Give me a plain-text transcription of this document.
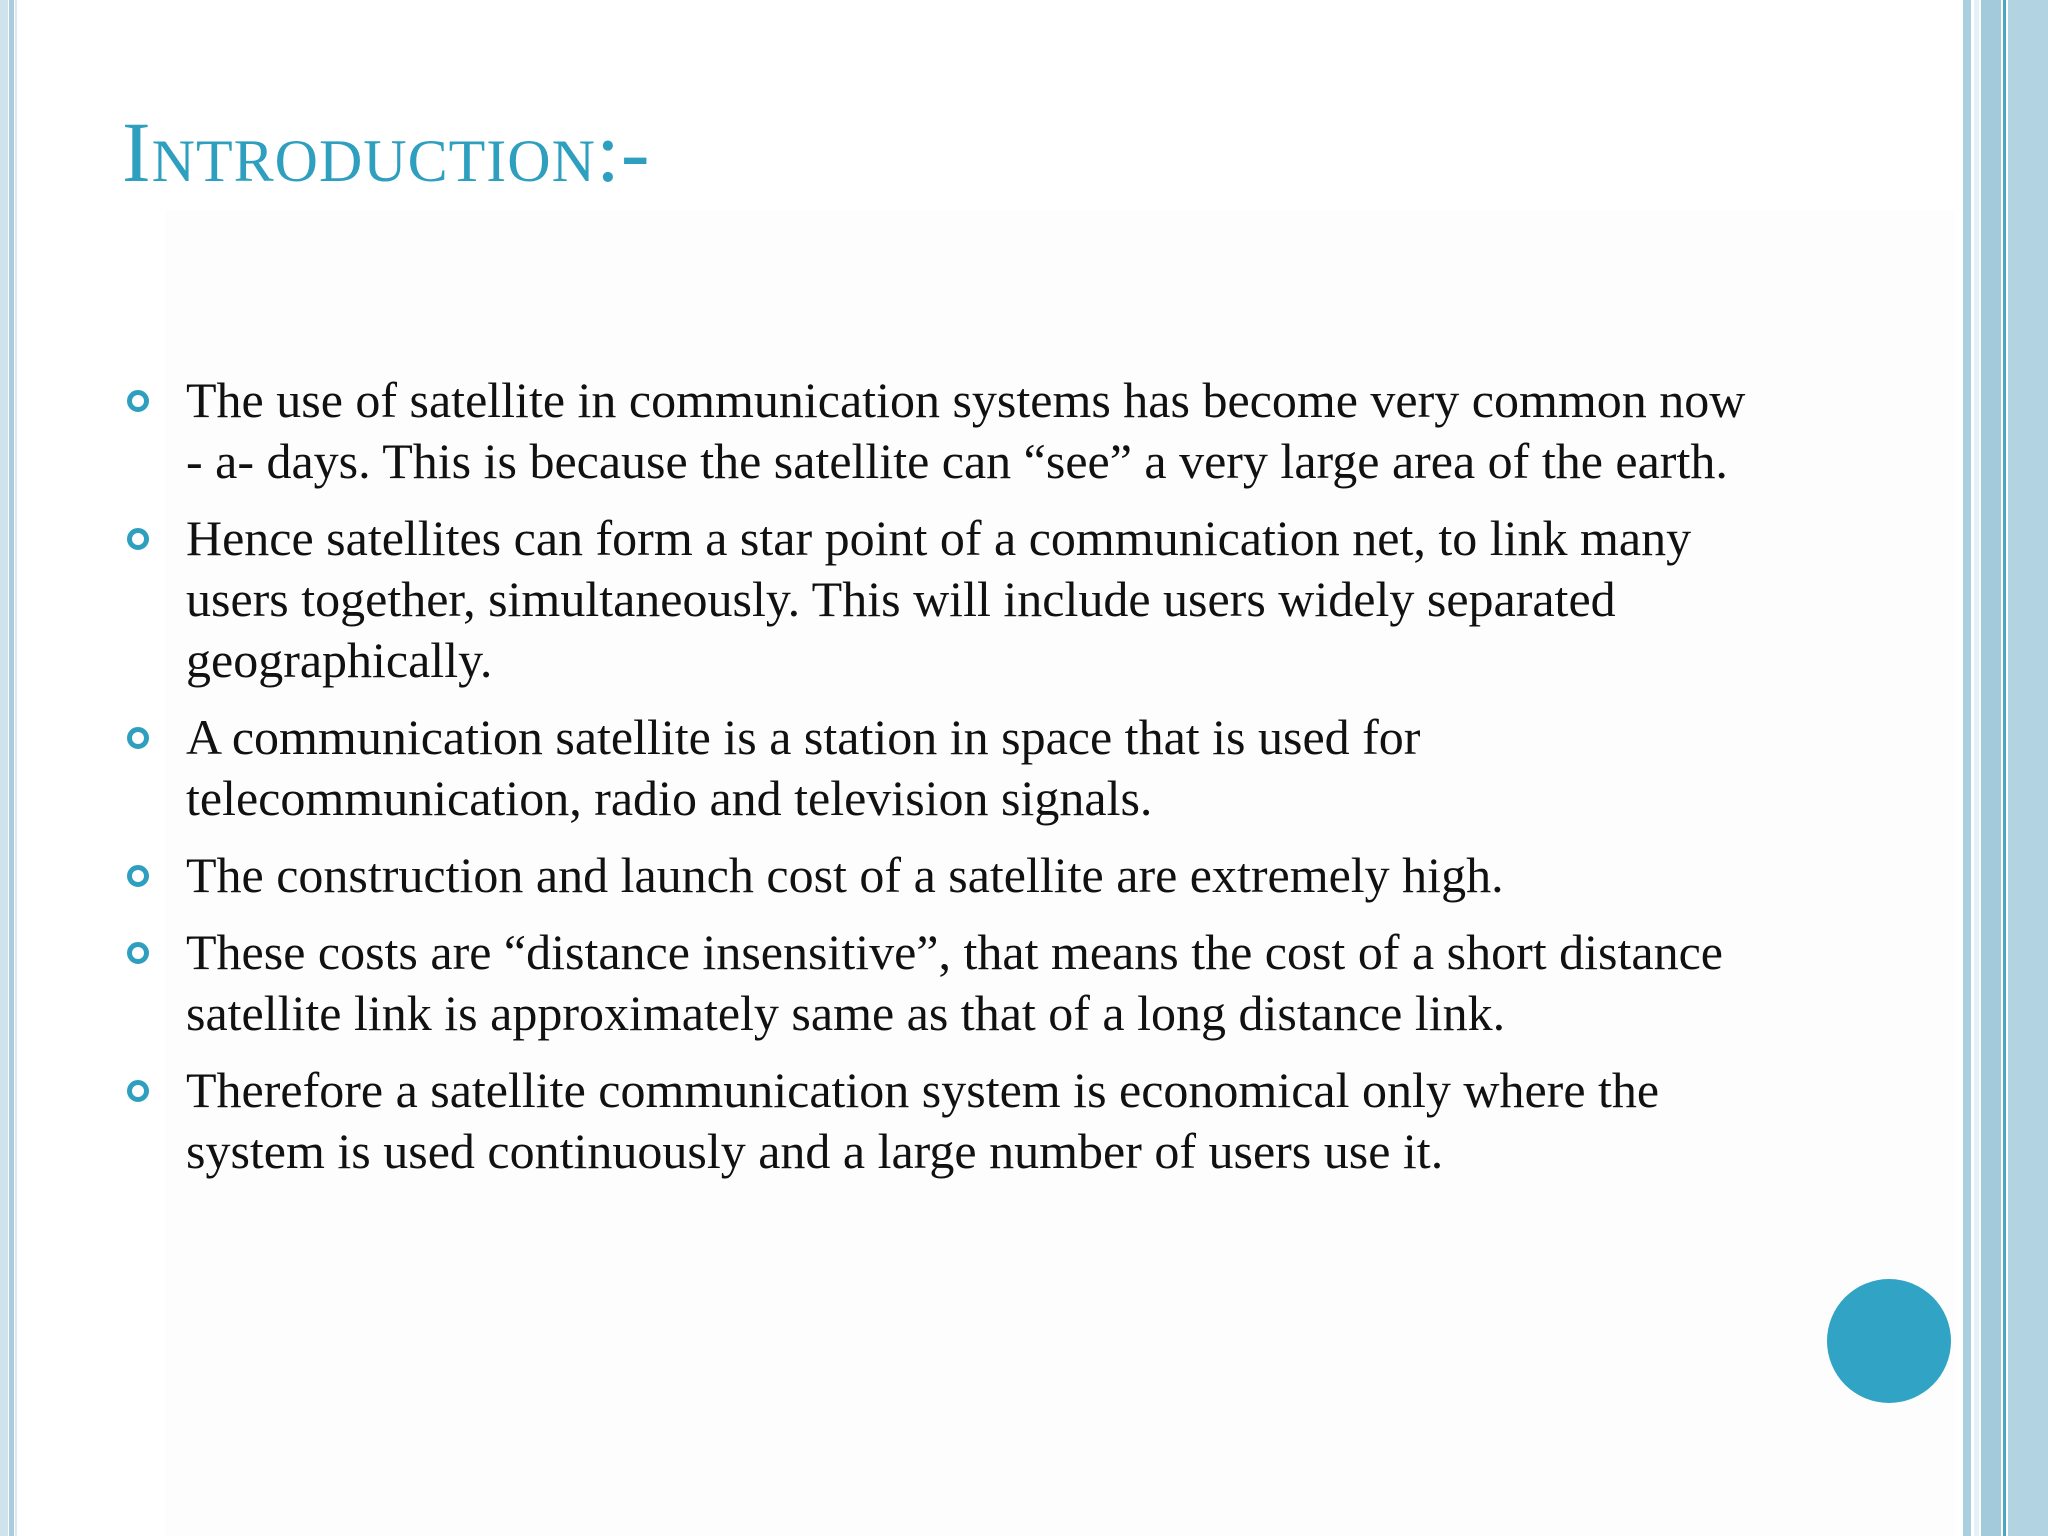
Introduction:-
The use of satellite in communication systems has become very common now - a- days. This is because the satellite can “see” a very large area of the earth.
Hence satellites can form a star point of a communication net, to link many users together, simultaneously. This will include users widely separated geographically.
A communication satellite is a station in space that is used for telecommunication, radio and television signals.
The construction and launch cost of a satellite are extremely high.
These costs are “distance insensitive”, that means the cost of a short distance satellite link is approximately same as that of a long distance link.
Therefore a satellite communication system is economical only where the system is used continuously and a large number of users use it.
